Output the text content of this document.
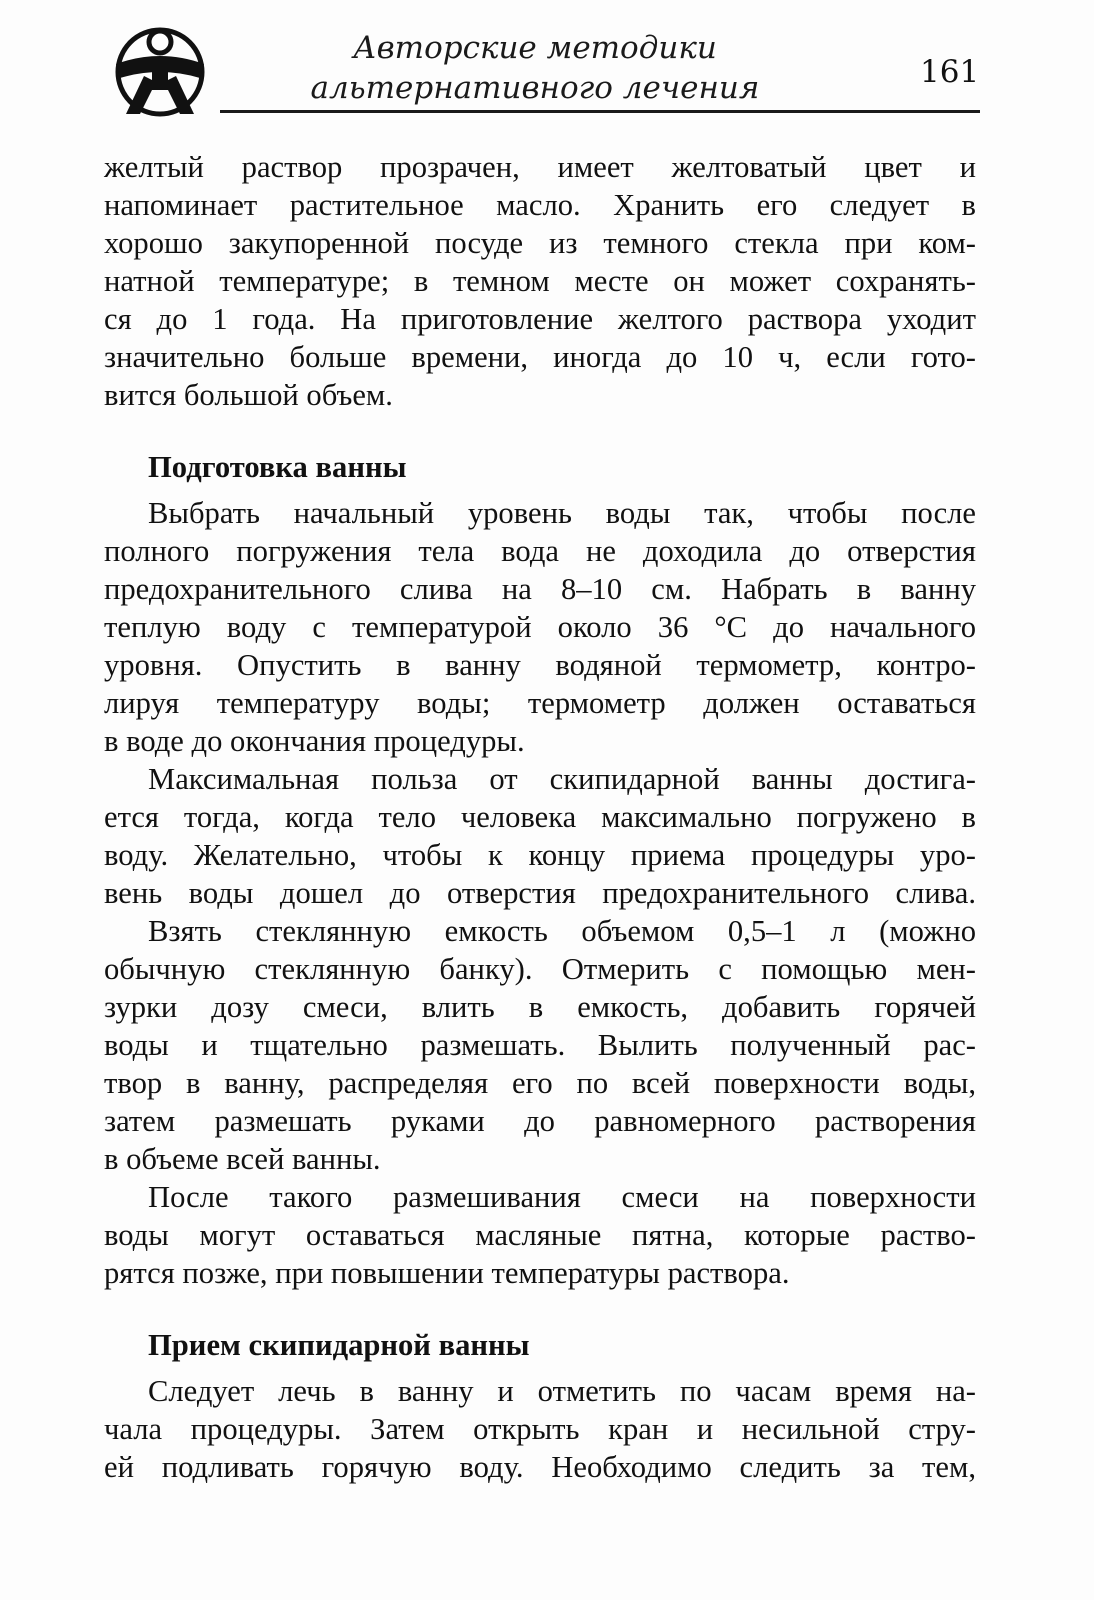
Авторские методики
альтернативного лечения	161
желтый раствор прозрачен, имеет желтоватый цвет и
напоминает растительное масло. Хранить его следует в
хорошо закупоренной посуде из темного стекла при ком-
натной температуре; в темном месте он может сохранять-
ся до 1 года. На приготовление желтого раствора уходит
значительно больше времени, иногда до 10 ч, если гото-
вится большой объем.
Подготовка ванны
Выбрать начальный уровень воды так, чтобы после
полного погружения тела вода не доходила до отверстия
предохранительного слива на 8–10 см. Набрать в ванну
теплую воду с температурой около 36 °С до начального
уровня. Опустить в ванну водяной термометр, контро-
лируя температуру воды; термометр должен оставаться
в воде до окончания процедуры.
Максимальная польза от скипидарной ванны достига-
ется тогда, когда тело человека максимально погружено в
воду. Желательно, чтобы к концу приема процедуры уро-
вень воды дошел до отверстия предохранительного слива.
Взять стеклянную емкость объемом 0,5–1 л (можно
обычную стеклянную банку). Отмерить с помощью мен-
зурки дозу смеси, влить в емкость, добавить горячей
воды и тщательно размешать. Вылить полученный рас-
твор в ванну, распределяя его по всей поверхности воды,
затем размешать руками до равномерного растворения
в объеме всей ванны.
После такого размешивания смеси на поверхности
воды могут оставаться масляные пятна, которые раство-
рятся позже, при повышении температуры раствора.
Прием скипидарной ванны
Следует лечь в ванну и отметить по часам время на-
чала процедуры. Затем открыть кран и несильной стру-
ей подливать горячую воду. Необходимо следить за тем,
